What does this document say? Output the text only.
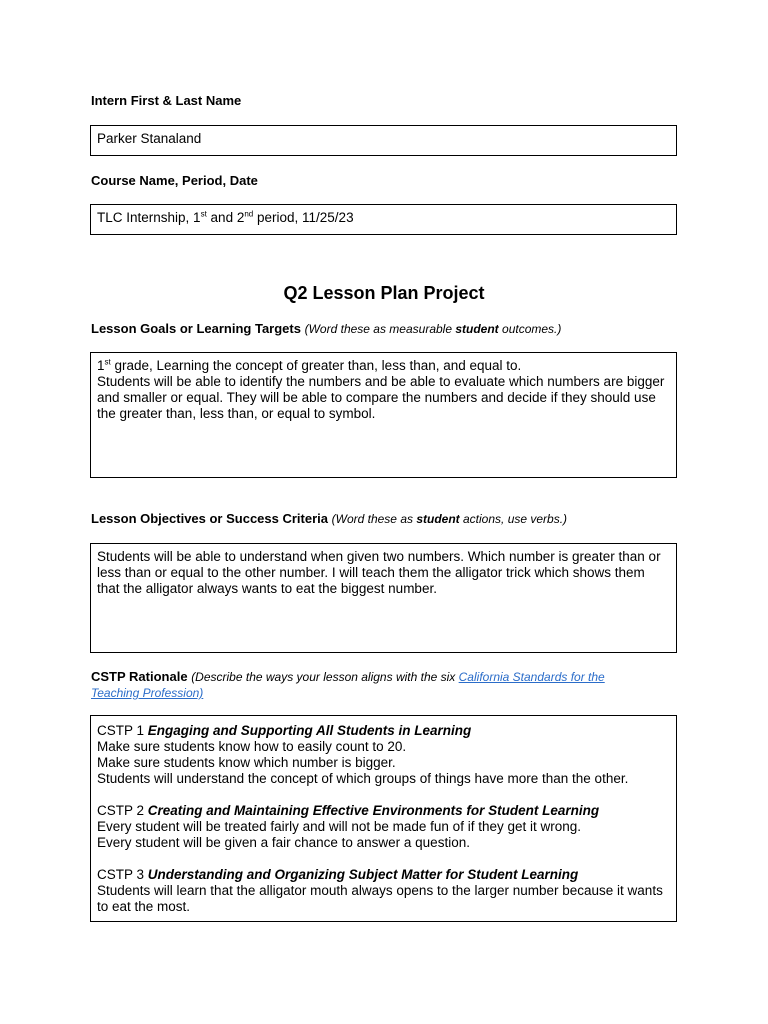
Intern First & Last Name
Parker Stanaland
Course Name, Period, Date
TLC Internship, 1st and 2nd period, 11/25/23
Q2 Lesson Plan Project
Lesson Goals or Learning Targets (Word these as measurable student outcomes.)

1st grade, Learning the concept of greater than, less than, and equal to.

Students will be able to identify the numbers and be able to evaluate which numbers are bigger and smaller or equal. They will be able to compare the numbers and decide if they should use the greater than, less than, or equal to symbol.

Lesson Objectives or Success Criteria (Word these as student actions, use verbs.)

Students will be able to understand when given two numbers. Which number is greater than or less than or equal to the other number. I will teach them the alligator trick which shows them that the alligator always wants to eat the biggest number.

CSTP Rationale (Describe the ways your lesson aligns with the six California Standards for the Teaching Profession)

CSTP 1 Engaging and Supporting All Students in Learning

Make sure students know how to easily count to 20.

Make sure students know which number is bigger.

Students will understand the concept of which groups of things have more than the other.

CSTP 2 Creating and Maintaining Effective Environments for Student Learning

Every student will be treated fairly and will not be made fun of if they get it wrong.

Every student will be given a fair chance to answer a question.

CSTP 3 Understanding and Organizing Subject Matter for Student Learning

Students will learn that the alligator mouth always opens to the larger number because it wants to eat the most.
